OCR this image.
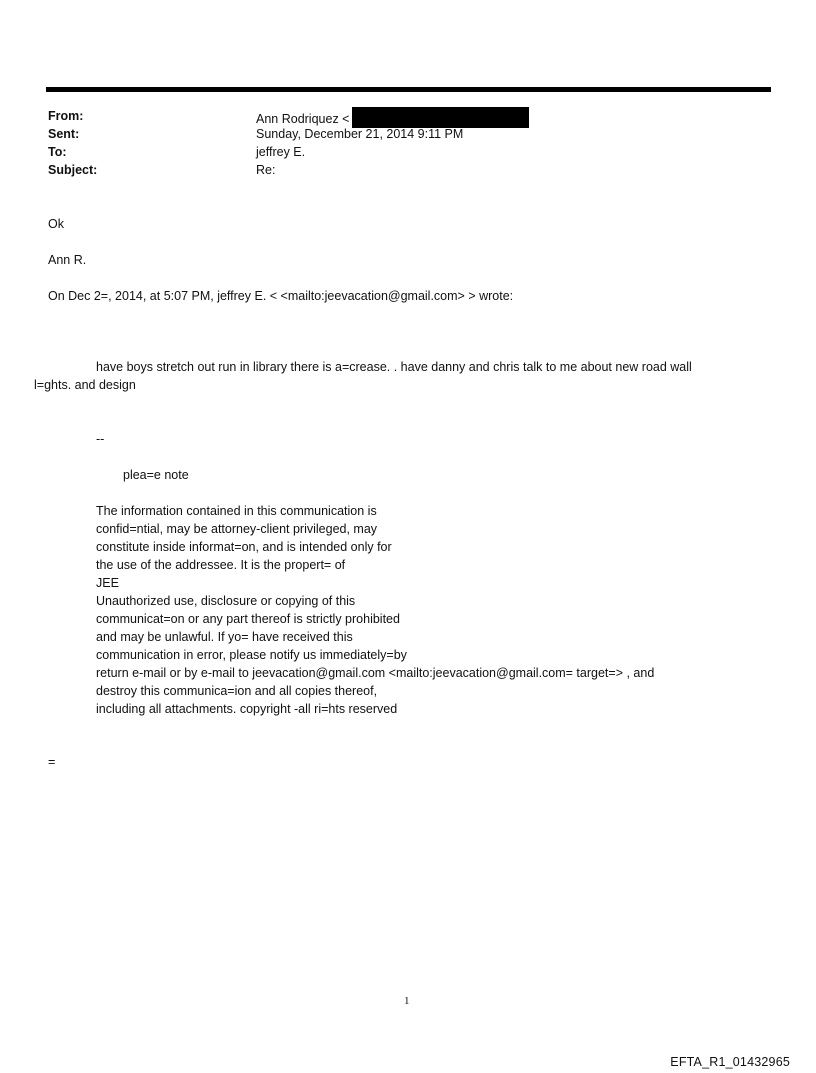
From:	Ann Rodriquez <
Sent:	Sunday, December 21, 2014 9:11 PM
To:	jeffrey E.
Subject:	Re:
Ok
Ann R.
On Dec 2=, 2014, at 5:07 PM, jeffrey E. < <mailto:jeevacation@gmail.com> > wrote:
have boys stretch out run in library there is a=crease. . have danny and chris talk to me about new road wall
l=ghts. and design
--
plea=e note
The information contained in this communication is
confid=ntial, may be attorney-client privileged, may
constitute inside informat=on, and is intended only for
the use of the addressee. It is the propert= of
JEE
Unauthorized use, disclosure or copying of this
communicat=on or any part thereof is strictly prohibited
and may be unlawful. If yo= have received this
communication in error, please notify us immediately=by
return e-mail or by e-mail to jeevacation@gmail.com <mailto:jeevacation@gmail.com= target=> , and
destroy this communica=ion and all copies thereof,
including all attachments. copyright -all ri=hts reserved
=
1
EFTA_R1_01432965
